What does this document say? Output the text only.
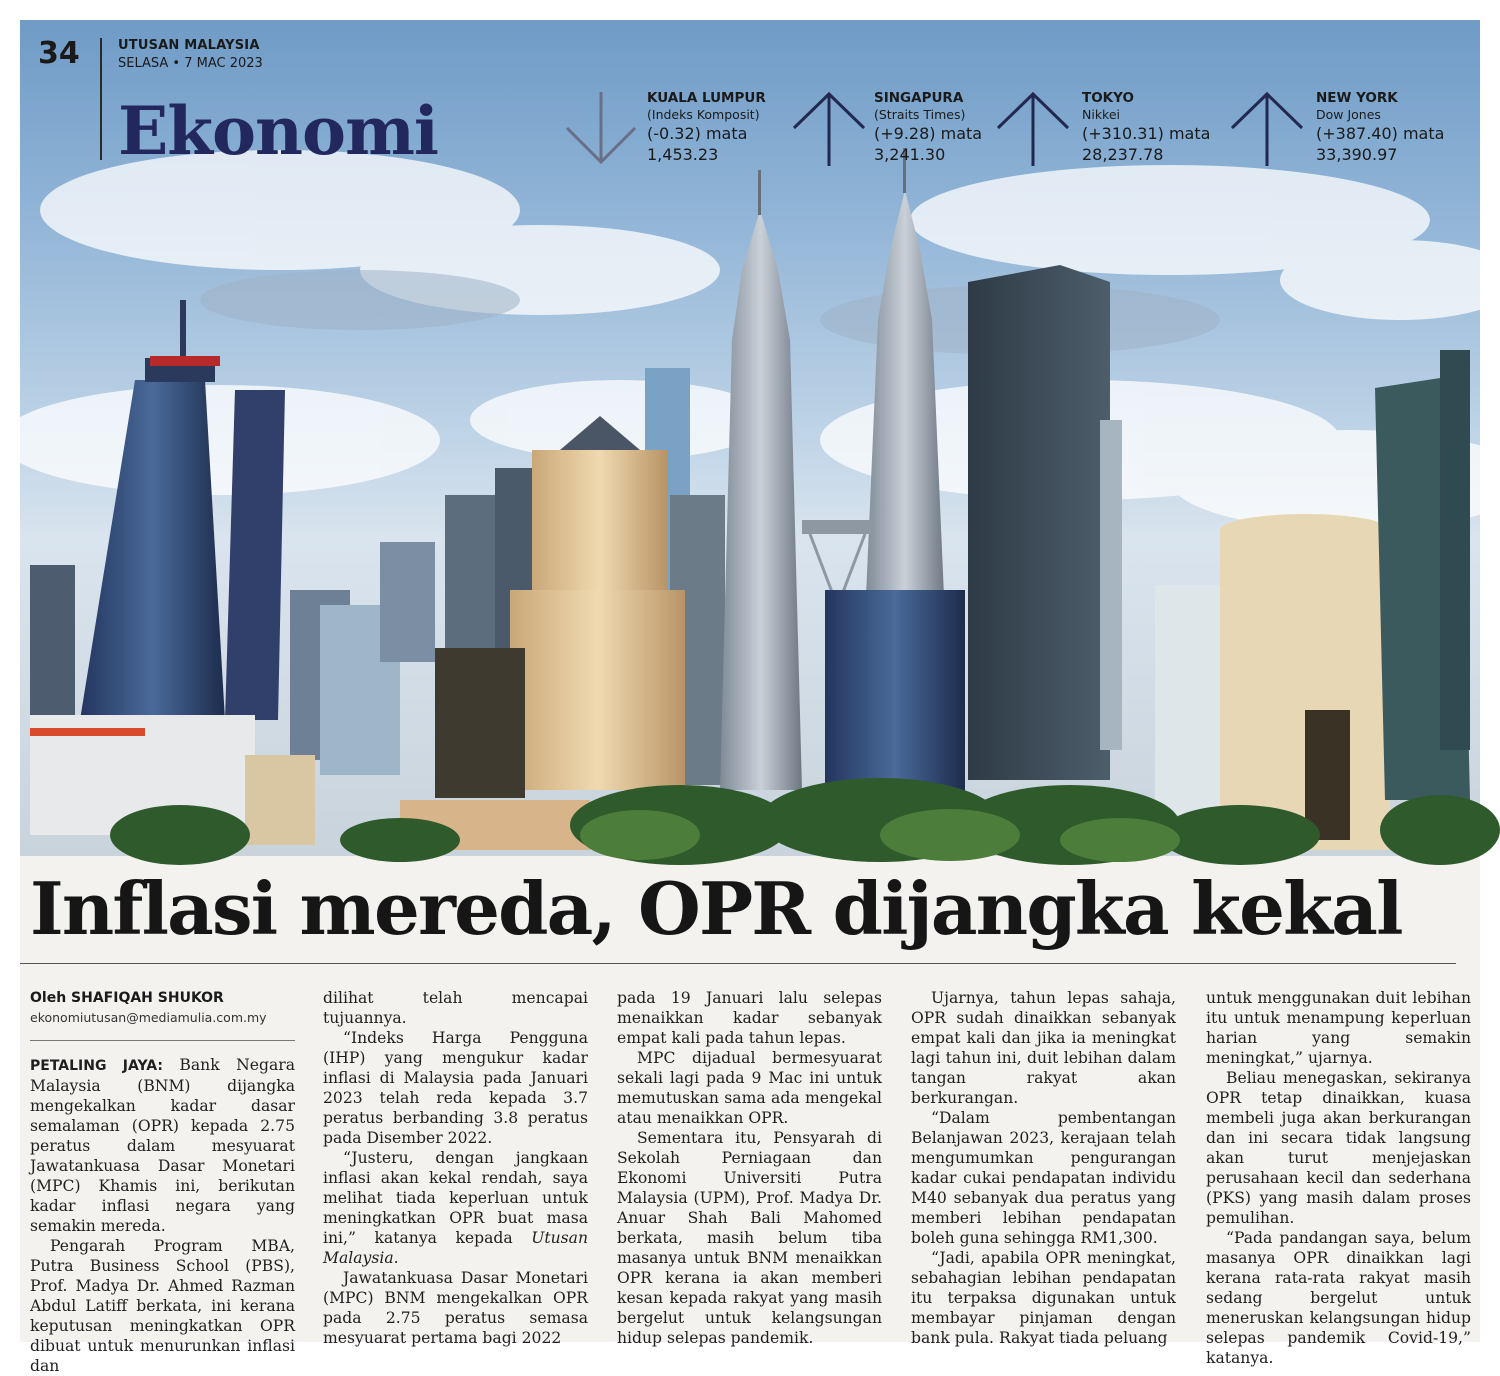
34	UTUSAN MALAYSIA
SELASA • 7 MAC 2023
Ekonomi	KUALA LUMPUR
(Indeks Komposit)
(-0.32) mata
1,453.23
SINGAPURA
(Straits Times)
(+9.28) mata
3,241.30
TOKYO
Nikkei
(+310.31) mata
28,237.78
NEW YORK
Dow Jones
(+387.40) mata
33,390.97
Inflasi mereda, OPR dijangka kekal

Oleh SHAFIQAH SHUKOR

ekonomiutusan@mediamulia.com.my

PETALING JAYA: Bank Negara Malaysia (BNM) dijangka mengekalkan kadar dasar semalaman (OPR) kepada 2.75 peratus dalam mesyuarat Jawatankuasa Dasar Monetari (MPC) Khamis ini, berikutan kadar inflasi negara yang semakin mereda.

Pengarah Program MBA, Putra Business School (PBS), Prof. Madya Dr. Ahmed Razman Abdul Latiff berkata, ini kerana keputusan meningkatkan OPR dibuat untuk menurunkan inflasi dan

dilihat telah mencapai tujuannya.

“Indeks Harga Pengguna (IHP) yang mengukur kadar inflasi di Malaysia pada Januari 2023 telah reda kepada 3.7 peratus berbanding 3.8 peratus pada Disember 2022.

“Justeru, dengan jangkaan inflasi akan kekal rendah, saya melihat tiada keperluan untuk meningkatkan OPR buat masa ini,” katanya kepada Utusan Malaysia.

Jawatankuasa Dasar Monetari (MPC) BNM mengekalkan OPR pada 2.75 peratus semasa mesyuarat pertama bagi 2022

pada 19 Januari lalu selepas menaikkan kadar sebanyak empat kali pada tahun lepas.

MPC dijadual bermesyuarat sekali lagi pada 9 Mac ini untuk memutuskan sama ada mengekal atau menaikkan OPR.

Sementara itu, Pensyarah di Sekolah Perniagaan dan Ekonomi Universiti Putra Malaysia (UPM), Prof. Madya Dr. Anuar Shah Bali Mahomed berkata, masih belum tiba masanya untuk BNM menaikkan OPR kerana ia akan memberi kesan kepada rakyat yang masih bergelut untuk kelangsungan hidup selepas pandemik.

Ujarnya, tahun lepas sahaja, OPR sudah dinaikkan sebanyak empat kali dan jika ia meningkat lagi tahun ini, duit lebihan dalam tangan rakyat akan berkurangan.

“Dalam pembentangan Belanjawan 2023, kerajaan telah mengumumkan pengurangan kadar cukai pendapatan individu M40 sebanyak dua peratus yang memberi lebihan pendapatan boleh guna sehingga RM1,300.

“Jadi, apabila OPR meningkat, sebahagian lebihan pendapatan itu terpaksa digunakan untuk membayar pinjaman dengan bank pula. Rakyat tiada peluang

untuk menggunakan duit lebihan itu untuk menampung keperluan harian yang semakin meningkat,” ujarnya.

Beliau menegaskan, sekiranya OPR tetap dinaikkan, kuasa membeli juga akan berkurangan dan ini secara tidak langsung akan turut menjejaskan perusahaan kecil dan sederhana (PKS) yang masih dalam proses pemulihan.

“Pada pandangan saya, belum masanya OPR dinaikkan lagi kerana rata-rata rakyat masih sedang bergelut untuk meneruskan kelangsungan hidup selepas pandemik Covid-19,” katanya.
